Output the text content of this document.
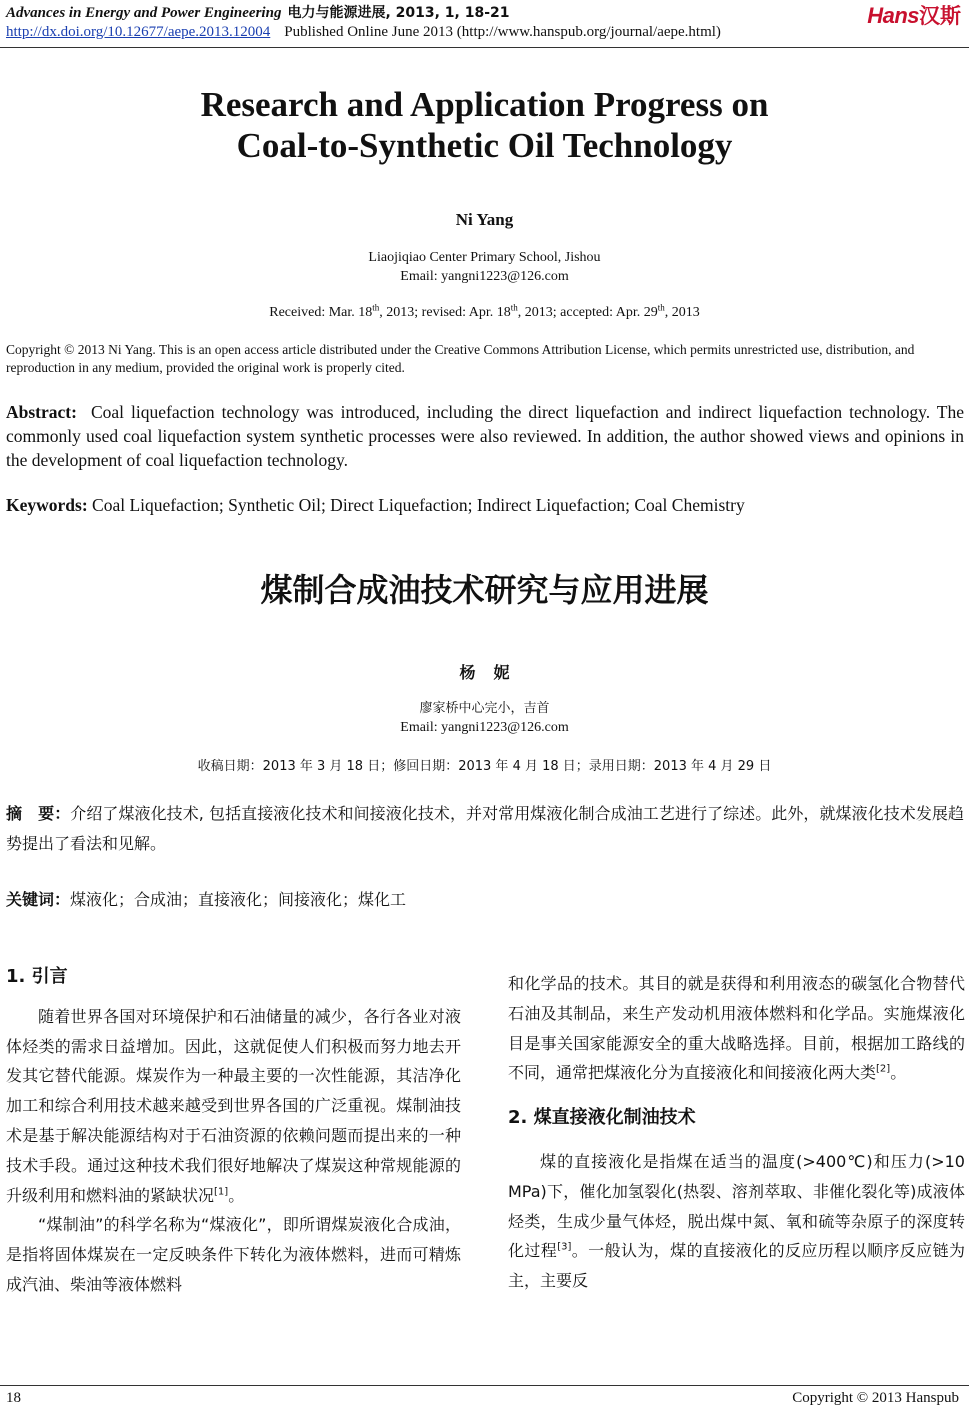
Advances in Energy and Power Engineering 电力与能源进展, 2013, 1, 18-21
http://dx.doi.org/10.12677/aepe.2013.12004 Published Online June 2013 (http://www.hanspub.org/journal/aepe.html)
Hans汉斯
Research and Application Progress on
Coal-to-Synthetic Oil Technology
Ni Yang
Liaojiqiao Center Primary School, Jishou
Email: yangni1223@126.com
Received: Mar. 18th, 2013; revised: Apr. 18th, 2013; accepted: Apr. 29th, 2013
Copyright © 2013 Ni Yang. This is an open access article distributed under the Creative Commons Attribution License, which permits unrestricted use, distribution, and reproduction in any medium, provided the original work is properly cited.
Abstract: Coal liquefaction technology was introduced, including the direct liquefaction and indirect liquefaction technology. The commonly used coal liquefaction system synthetic processes were also reviewed. In addition, the author showed views and opinions in the development of coal liquefaction technology.
Keywords: Coal Liquefaction; Synthetic Oil; Direct Liquefaction; Indirect Liquefaction; Coal Chemistry
煤制合成油技术研究与应用进展
杨妮
廖家桥中心完小，吉首
Email: yangni1223@126.com
收稿日期：2013 年 3 月 18 日；修回日期：2013 年 4 月 18 日；录用日期：2013 年 4 月 29 日
摘　要：介绍了煤液化技术, 包括直接液化技术和间接液化技术，并对常用煤液化制合成油工艺进行了综述。此外，就煤液化技术发展趋势提出了看法和见解。
关键词：煤液化；合成油；直接液化；间接液化；煤化工
1. 引言

随着世界各国对环境保护和石油储量的减少，各行各业对液体烃类的需求日益增加。因此，这就促使人们积极而努力地去开发其它替代能源。煤炭作为一种最主要的一次性能源，其洁净化加工和综合利用技术越来越受到世界各国的广泛重视。煤制油技术是基于解决能源结构对于石油资源的依赖问题而提出来的一种技术手段。通过这种技术我们很好地解决了煤炭这种常规能源的升级利用和燃料油的紧缺状况[1]。

“煤制油”的科学名称为“煤液化”，即所谓煤炭液化合成油，是指将固体煤炭在一定反映条件下转化为液体燃料，进而可精炼成汽油、柴油等液体燃料

和化学品的技术。其目的就是获得和利用液态的碳氢化合物替代石油及其制品，来生产发动机用液体燃料和化学品。实施煤液化目是事关国家能源安全的重大战略选择。目前，根据加工路线的不同，通常把煤液化分为直接液化和间接液化两大类[2]。

2. 煤直接液化制油技术

煤的直接液化是指煤在适当的温度(>400℃)和压力(>10 MPa)下，催化加氢裂化(热裂、溶剂萃取、非催化裂化等)成液体烃类，生成少量气体烃，脱出煤中氮、氧和硫等杂原子的深度转化过程[3]。一般认为，煤的直接液化的反应历程以顺序反应链为主，主要反

18	Copyright © 2013 Hanspub
